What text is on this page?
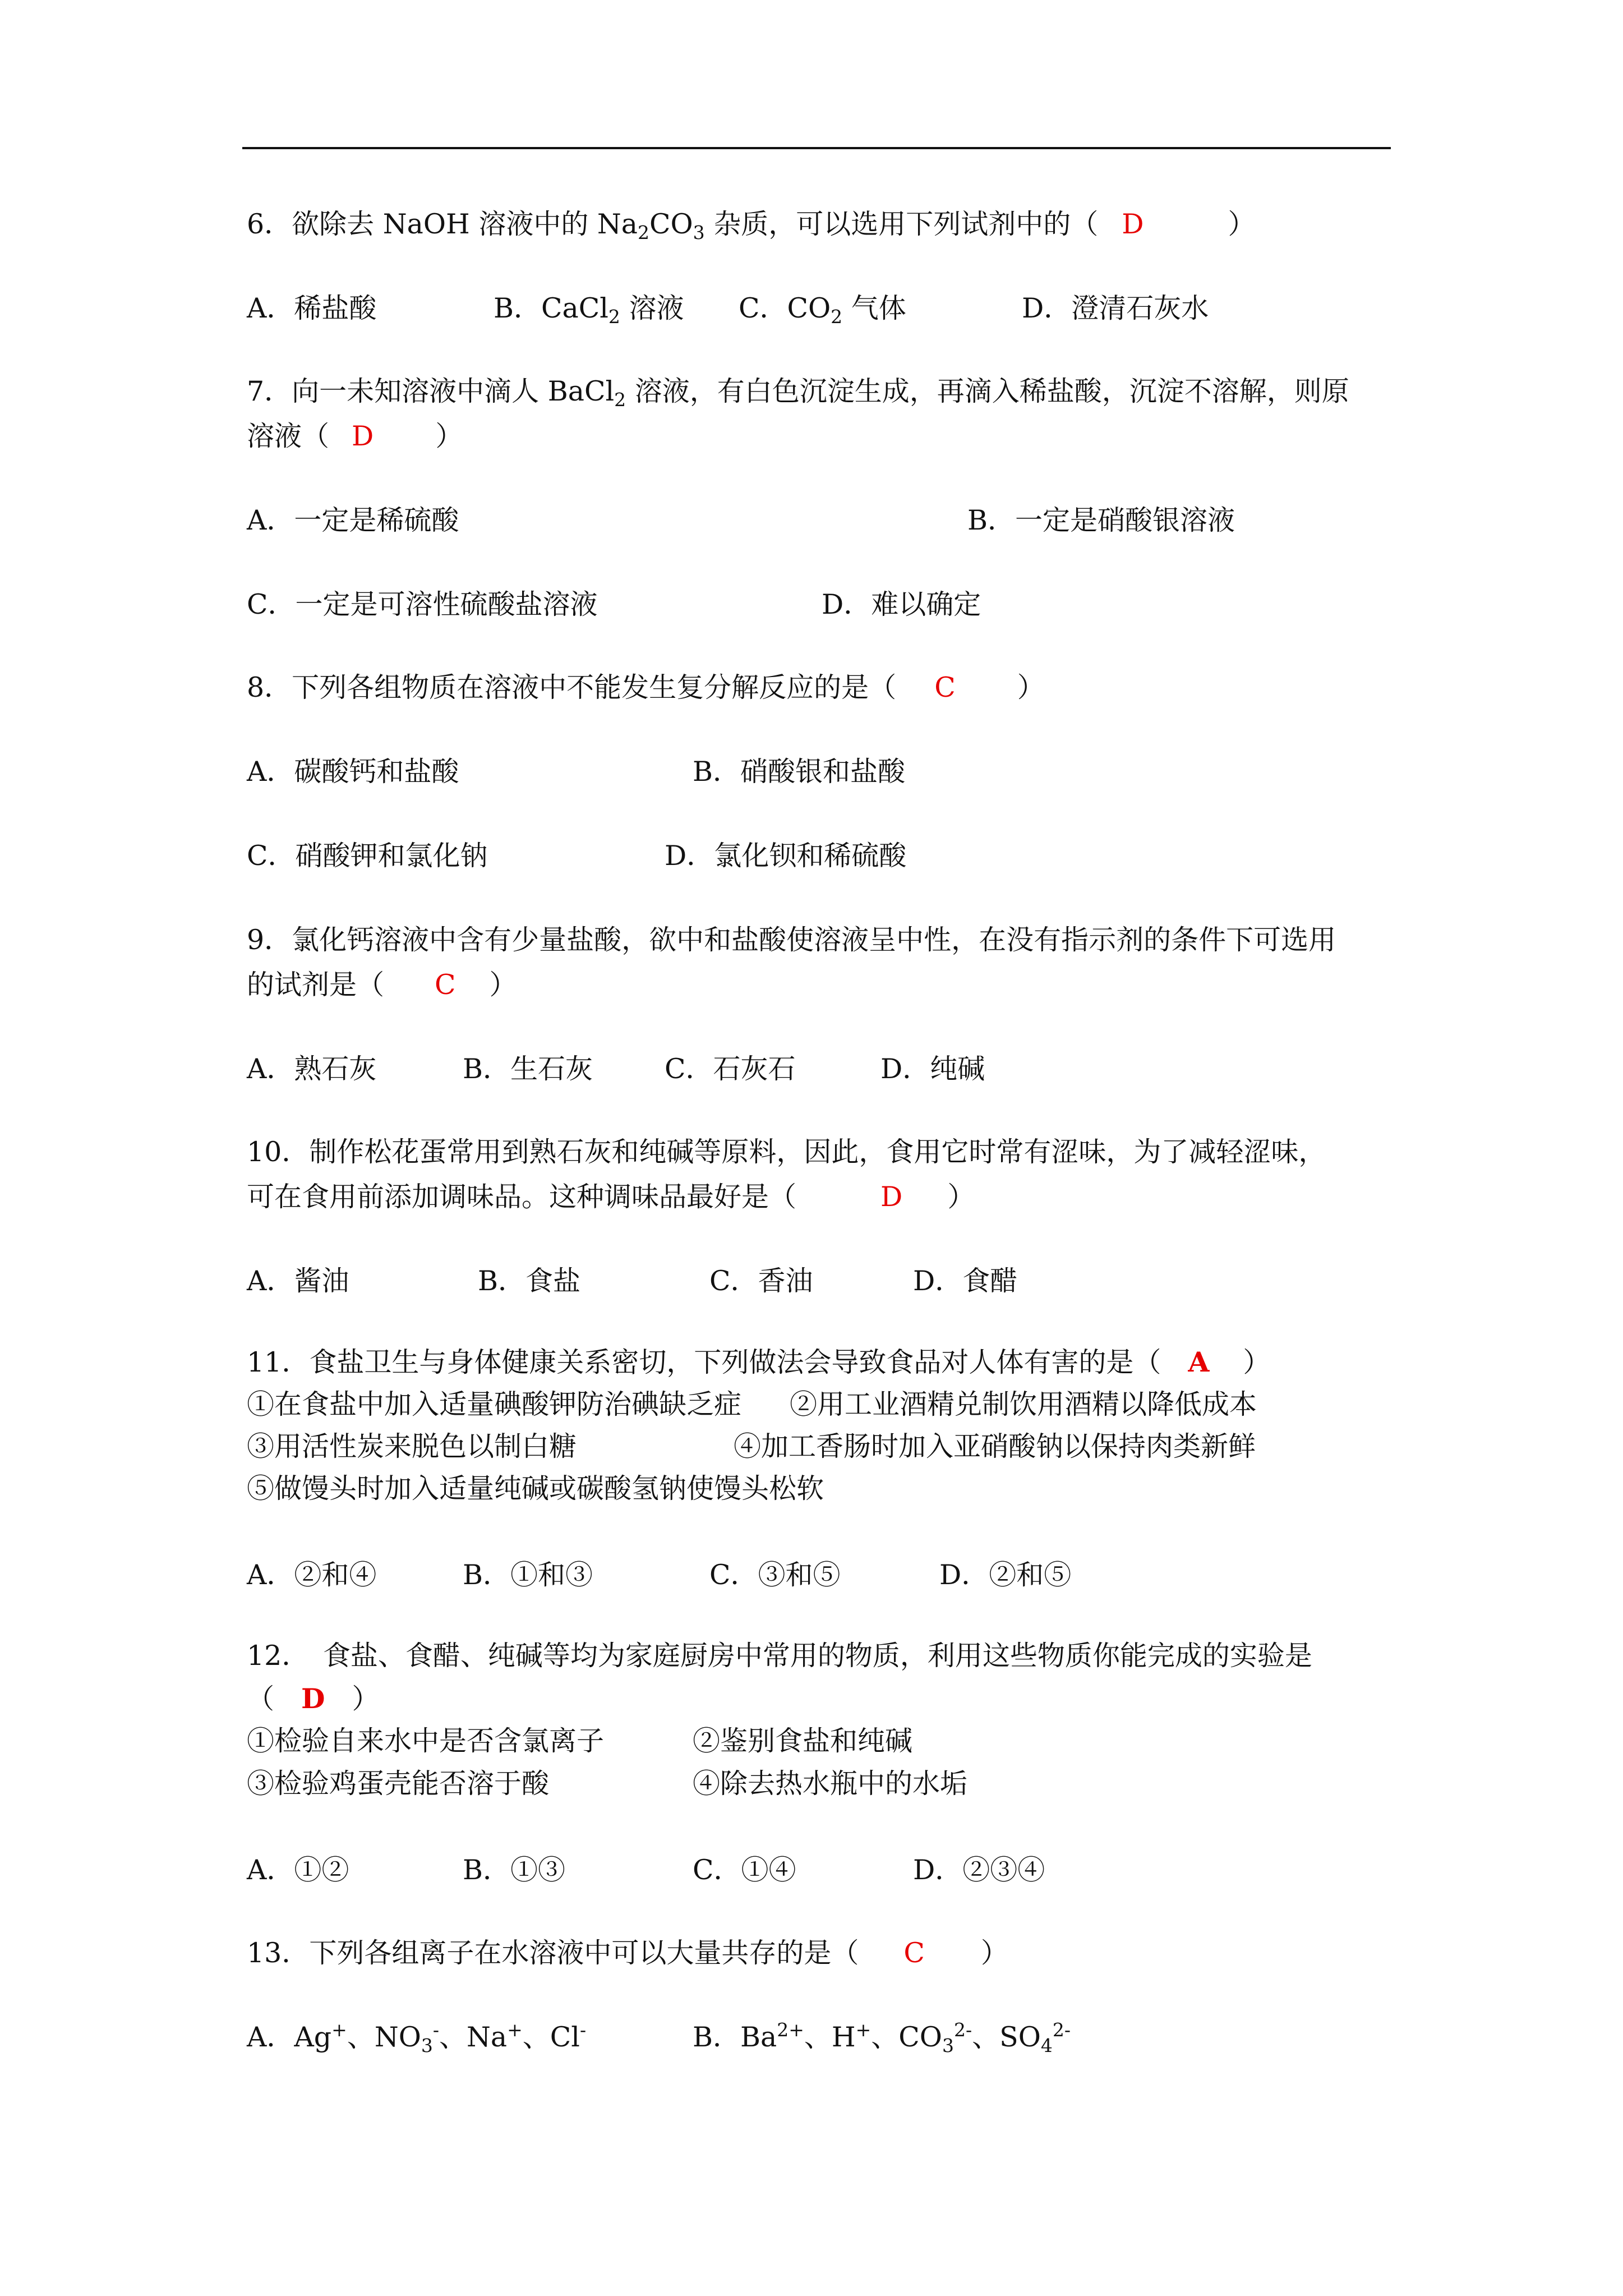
6．欲除去 NaOH 溶液中的 $Na_2CO_3$ 杂质，可以选用下列试剂中的（ D	）
A．稀盐酸	B．CaCl$_2$ 溶液 C．$CO_2$ 气体	D．澄清石灰水
7．向一未知溶液中滴人 BaCl$_2$ 溶液，有白色沉淀生成，再滴入稀盐酸，沉淀不溶解，则原
溶液（ D ）
A．一定是稀硫酸	B．一定是硝酸银溶液
C．一定是可溶性硫酸盐溶液	D．难以确定
8．下列各组物质在溶液中不能发生复分解反应的是（ C ）
A．碳酸钙和盐酸	B．硝酸银和盐酸
C．硝酸钾和氯化钠	D．氯化钡和稀硫酸
9．氯化钙溶液中含有少量盐酸，欲中和盐酸使溶液呈中性，在没有指示剂的条件下可选用
的试剂是（ C ）
A．熟石灰	B．生石灰	C．石灰石	D．纯碱
10．制作松花蛋常用到熟石灰和纯碱等原料，因此，食用它时常有涩味，为了减轻涩味，
可在食用前添加调味品。这种调味品最好是（	D ）
A．酱油	B．食盐	C．香油	D．食醋
11．食盐卫生与身体健康关系密切，下列做法会导致食品对人体有害的是（ A ）
①在食盐中加入适量碘酸钾防治碘缺乏症 ②用工业酒精兑制饮用酒精以降低成本
③用活性炭来脱色以制白糖	④加工香肠时加入亚硝酸钠以保持肉类新鲜
⑤做馒头时加入适量纯碱或碳酸氢钠使馒头松软
A．②和④	B．①和③	C．③和⑤	D．②和⑤
12．　食盐、食醋、纯碱等均为家庭厨房中常用的物质，利用这些物质你能完成的实验是
（ D ）
①检验自来水中是否含氯离子	②鉴别食盐和纯碱
③检验鸡蛋壳能否溶于酸	④除去热水瓶中的水垢
A．①②	B．①③	C．①④	D．②③④
13．下列各组离子在水溶液中可以大量共存的是（ C ）
A．Ag+、$NO_3^-$、Na+、Cl-	B．$Ba^{2+}$、H+、$CO_3^{2-}$、$SO_4^{2-}$
